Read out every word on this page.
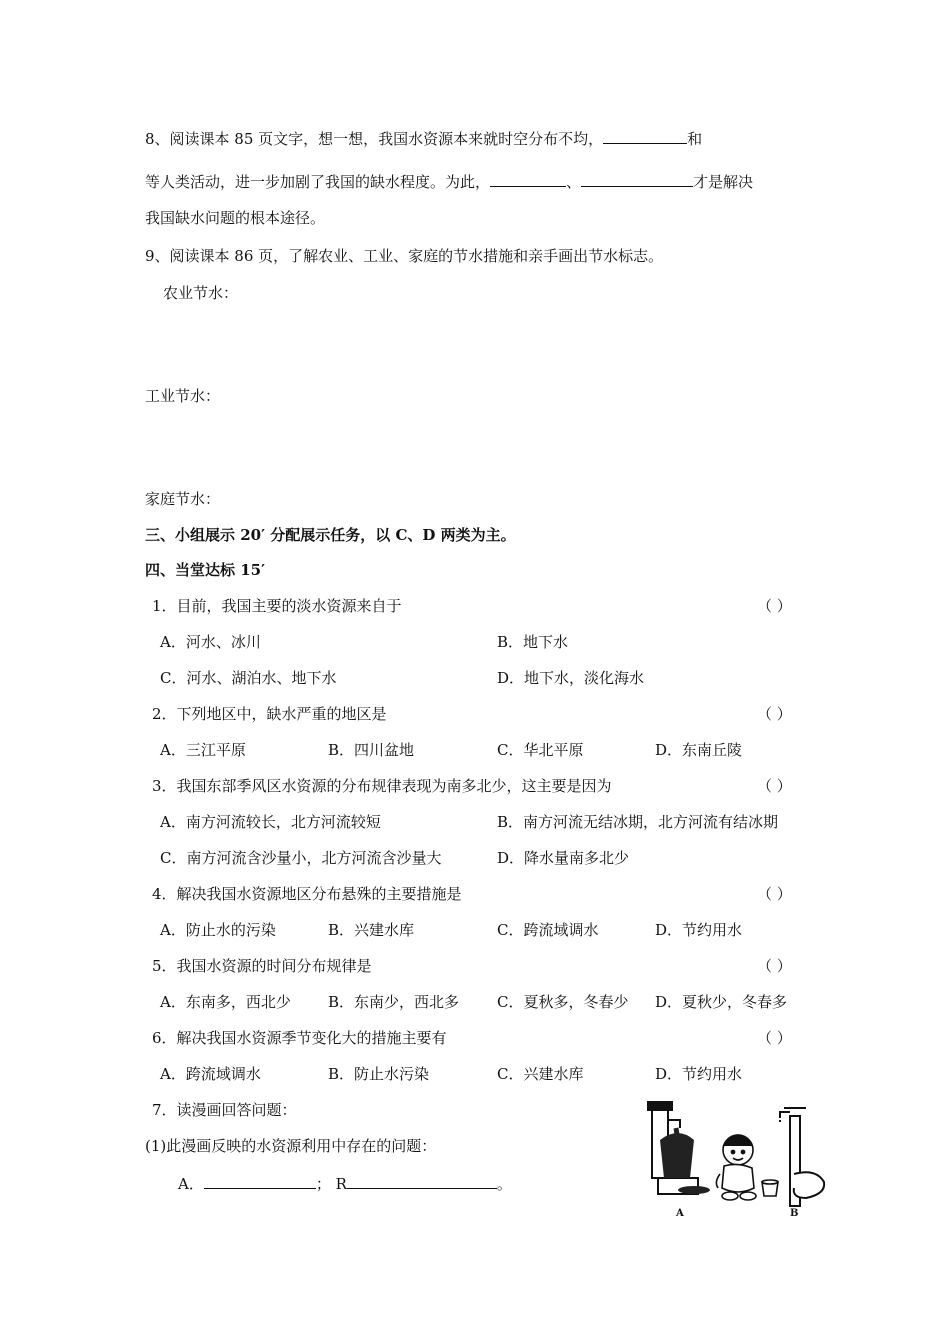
8、阅读课本 85 页文字，想一想，我国水资源本来就时空分布不均，	和
等人类活动，进一步加剧了我国的缺水程度。为此，	、	才是解决
我国缺水问题的根本途径。
9、阅读课本 86 页，了解农业、工业、家庭的节水措施和亲手画出节水标志。
农业节水：
工业节水：
家庭节水：
三、小组展示 20′ 分配展示任务，以 C、D 两类为主。
四、当堂达标 15′
1．目前，我国主要的淡水资源来自于	（ ）
A．河水、冰川	B．地下水
C．河水、湖泊水、地下水	D．地下水，淡化海水
2．下列地区中，缺水严重的地区是	（ ）
A．三江平原	B．四川盆地	C．华北平原	D．东南丘陵
3．我国东部季风区水资源的分布规律表现为南多北少，这主要是因为	（ ）
A．南方河流较长，北方河流较短	B．南方河流无结冰期，北方河流有结冰期
C．南方河流含沙量小，北方河流含沙量大	D．降水量南多北少
4．解决我国水资源地区分布悬殊的主要措施是	（ ）
A．防止水的污染	B．兴建水库	C．跨流域调水	D．节约用水
5．我国水资源的时间分布规律是	（ ）
A．东南多，西北少 B．东南少，西北多	C．夏秋多，冬春少 D．夏秋少，冬春多
6．解决我国水资源季节变化大的措施主要有	（ ）
A．跨流域调水	B．防止水污染	C．兴建水库	D．节约用水
7．读漫画回答问题：
(1)此漫画反映的水资源利用中存在的问题：
A．	； R	。
A	B
